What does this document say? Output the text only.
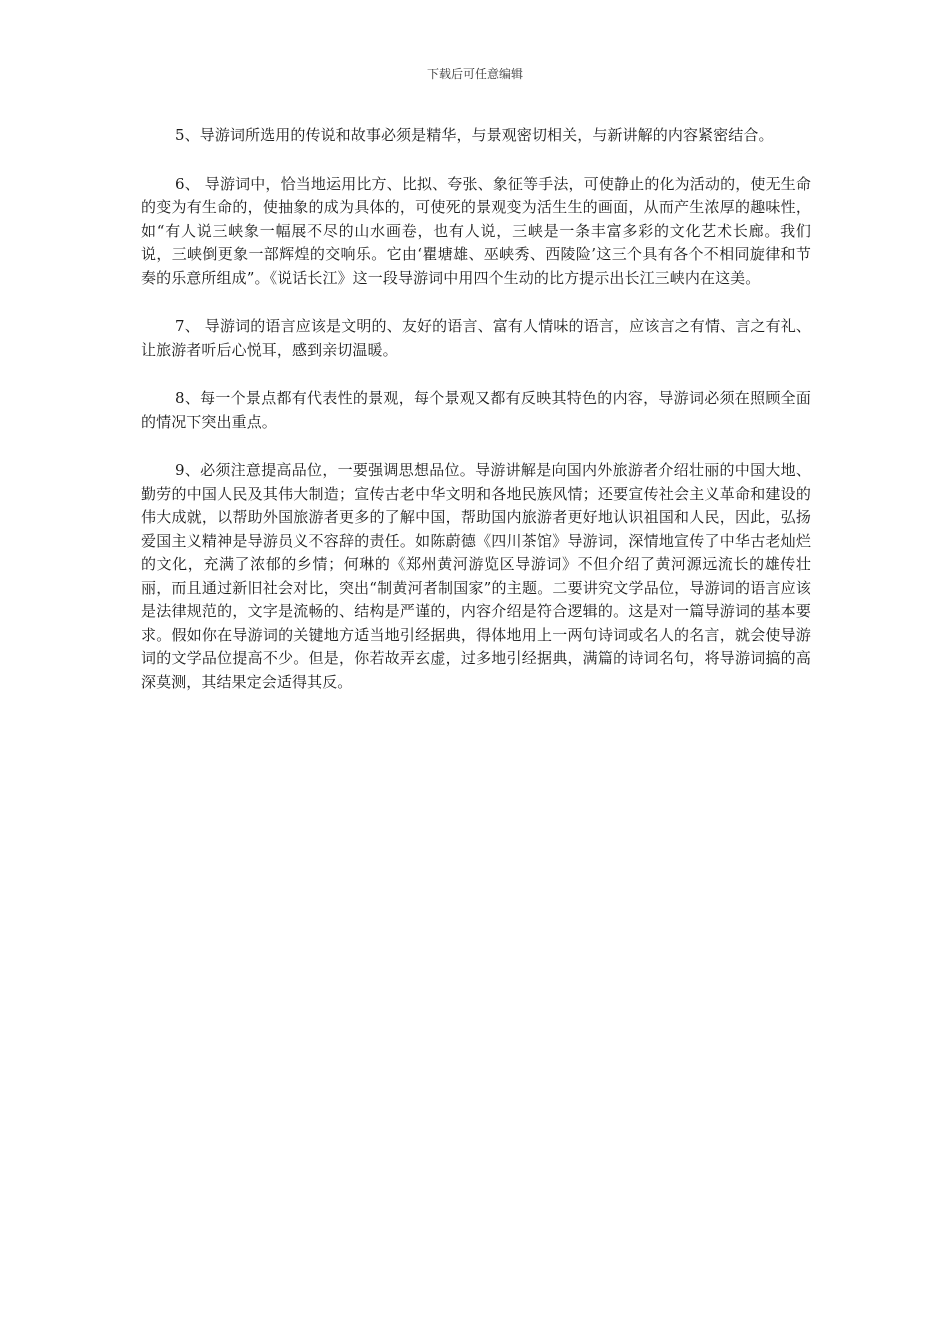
下载后可任意编辑

5、导游词所选用的传说和故事必须是精华，与景观密切相关，与新讲解的内容紧密结合。

6、 导游词中，恰当地运用比方、比拟、夸张、象征等手法，可使静止的化为活动的，使无生命的变为有生命的，使抽象的成为具体的，可使死的景观变为活生生的画面，从而产生浓厚的趣味性，如“有人说三峡象一幅展不尽的山水画卷，也有人说，三峡是一条丰富多彩的文化艺术长廊。我们说，三峡倒更象一部辉煌的交响乐。它由‘瞿塘雄、巫峡秀、西陵险’这三个具有各个不相同旋律和节奏的乐意所组成”。《说话长江》这一段导游词中用四个生动的比方提示出长江三峡内在这美。

7、 导游词的语言应该是文明的、友好的语言、富有人情味的语言，应该言之有情、言之有礼、让旅游者听后心悦耳，感到亲切温暖。

8、每一个景点都有代表性的景观，每个景观又都有反映其特色的内容，导游词必须在照顾全面的情况下突出重点。

9、必须注意提高品位，一要强调思想品位。导游讲解是向国内外旅游者介绍壮丽的中国大地、勤劳的中国人民及其伟大制造；宣传古老中华文明和各地民族风情；还要宣传社会主义革命和建设的伟大成就，以帮助外国旅游者更多的了解中国，帮助国内旅游者更好地认识祖国和人民，因此，弘扬爱国主义精神是导游员义不容辞的责任。如陈蔚德《四川茶馆》导游词，深情地宣传了中华古老灿烂的文化，充满了浓郁的乡情；何琳的《郑州黄河游览区导游词》不但介绍了黄河源远流长的雄传壮丽，而且通过新旧社会对比，突出“制黄河者制国家”的主题。二要讲究文学品位，导游词的语言应该是法律规范的，文字是流畅的、结构是严谨的，内容介绍是符合逻辑的。这是对一篇导游词的基本要求。假如你在导游词的关键地方适当地引经据典，得体地用上一两句诗词或名人的名言，就会使导游词的文学品位提高不少。但是，你若故弄玄虚，过多地引经据典，满篇的诗词名句，将导游词搞的高深莫测，其结果定会适得其反。
